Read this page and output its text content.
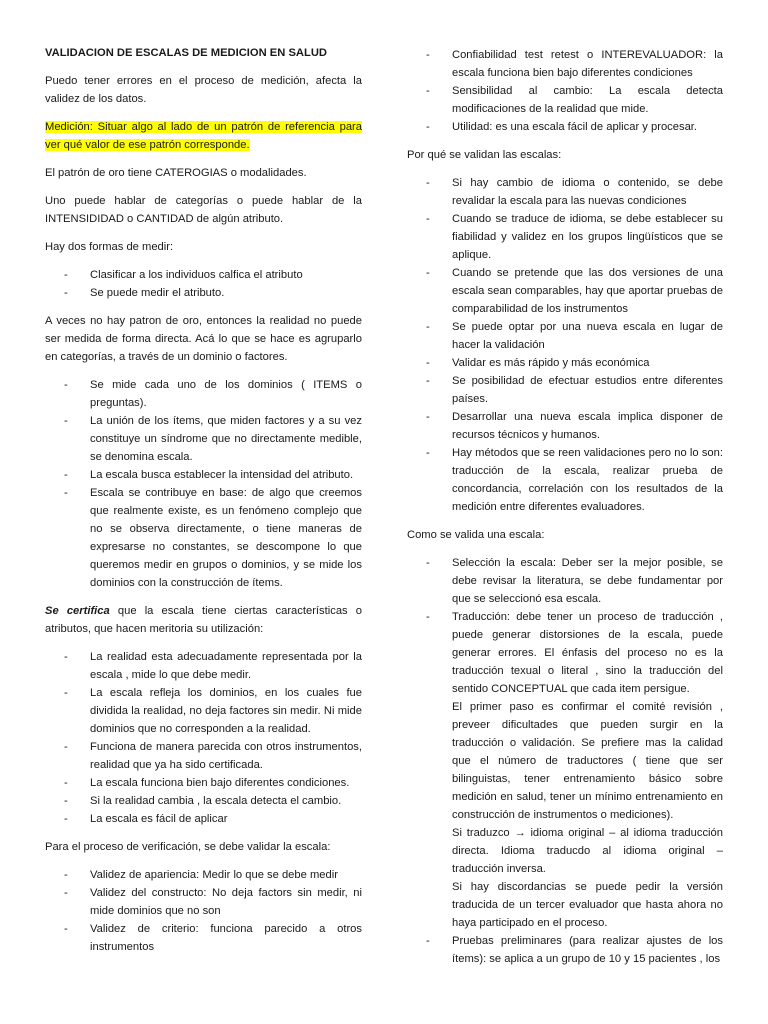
VALIDACION DE ESCALAS DE MEDICION EN SALUD

Puedo tener errores en el proceso de medición, afecta la validez de los datos.

Medición: Situar algo al lado de un patrón de referencia para ver qué valor de ese patrón corresponde.

El patrón de oro tiene CATEROGIAS o modalidades.

Uno puede hablar de categorías o puede hablar de la INTENSIDIDAD o CANTIDAD de algún atributo.

Hay dos formas de medir:

- Clasificar a los individuos calfica el atributo
- Se puede medir el atributo.

A veces no hay patron de oro, entonces la realidad no puede ser medida de forma directa. Acá lo que se hace es agruparlo en categorías, a través de un dominio o factores.

- Se mide cada uno de los dominios ( ITEMS o preguntas).
- La unión de los ítems, que miden factores y a su vez constituye un síndrome que no directamente medible, se denomina escala.
- La escala busca establecer la intensidad del atributo.
- Escala se contribuye en base: de algo que creemos que realmente existe, es un fenómeno complejo que no se observa directamente, o tiene maneras de expresarse no constantes, se descompone lo que queremos medir en grupos o dominios, y se mide los dominios con la construcción de ítems.

Se certifica que la escala tiene ciertas características o atributos, que hacen meritoria su utilización:

- La realidad esta adecuadamente representada por la escala , mide lo que debe medir.
- La escala refleja los dominios, en los cuales fue dividida la realidad, no deja factores sin medir. Ni mide dominios que no corresponden a la realidad.
- Funciona de manera parecida con otros instrumentos, realidad que ya ha sido certificada.
- La escala funciona bien bajo diferentes condiciones.
- Si la realidad cambia , la escala detecta el cambio.
- La escala es fácil de aplicar

Para el proceso de verificación, se debe validar la escala:

- Validez de apariencia: Medir lo que se debe medir
- Validez del constructo: No deja factors sin medir, ni mide dominios que no son
- Validez de criterio: funciona parecido a otros instrumentos
- Confiabilidad test retest o INTEREVALUADOR: la escala funciona bien bajo diferentes condiciones
- Sensibilidad al cambio: La escala detecta modificaciones de la realidad que mide.
- Utilidad: es una escala fácil de aplicar y procesar.

Por qué se validan las escalas:

- Si hay cambio de idioma o contenido, se debe revalidar la escala para las nuevas condiciones
- Cuando se traduce de idioma, se debe establecer su fiabilidad y validez en los grupos lingüísticos que se aplique.
- Cuando se pretende que las dos versiones de una escala sean comparables, hay que aportar pruebas de comparabilidad de los instrumentos
- Se puede optar por una nueva escala en lugar de hacer la validación
- Validar es más rápido y más económica
- Se posibilidad de efectuar estudios entre diferentes países.
- Desarrollar una nueva escala implica disponer de recursos técnicos y humanos.
- Hay métodos que se reen validaciones pero no lo son: traducción de la escala, realizar prueba de concordancia, correlación con los resultados de la medición entre diferentes evaluadores.

Como se valida una escala:

- Selección la escala: Deber ser la mejor posible, se debe revisar la literatura, se debe fundamentar por que se seleccionó esa escala.
- Traducción: debe tener un proceso de traducción , puede generar distorsiones de la escala, puede generar errores. El énfasis del proceso no es la traducción texual o literal , sino la traducción del sentido CONCEPTUAL que cada item persigue.
El primer paso es confirmar el comité revisión , preveer dificultades que pueden surgir en la traducción o validación. Se prefiere mas la calidad que el número de traductores ( tiene que ser bilinguistas, tener entrenamiento básico sobre medición en salud, tener un mínimo entrenamiento en construcción de instrumentos o mediciones).
Si traduzco → idioma original – al idioma traducción directa. Idioma traducdo al idioma original – traducción inversa.
Si hay discordancias se puede pedir la versión traducida de un tercer evaluador que hasta ahora no haya participado en el proceso.
- Pruebas preliminares (para realizar ajustes de los ítems): se aplica a un grupo de 10 y 15 pacientes , los
